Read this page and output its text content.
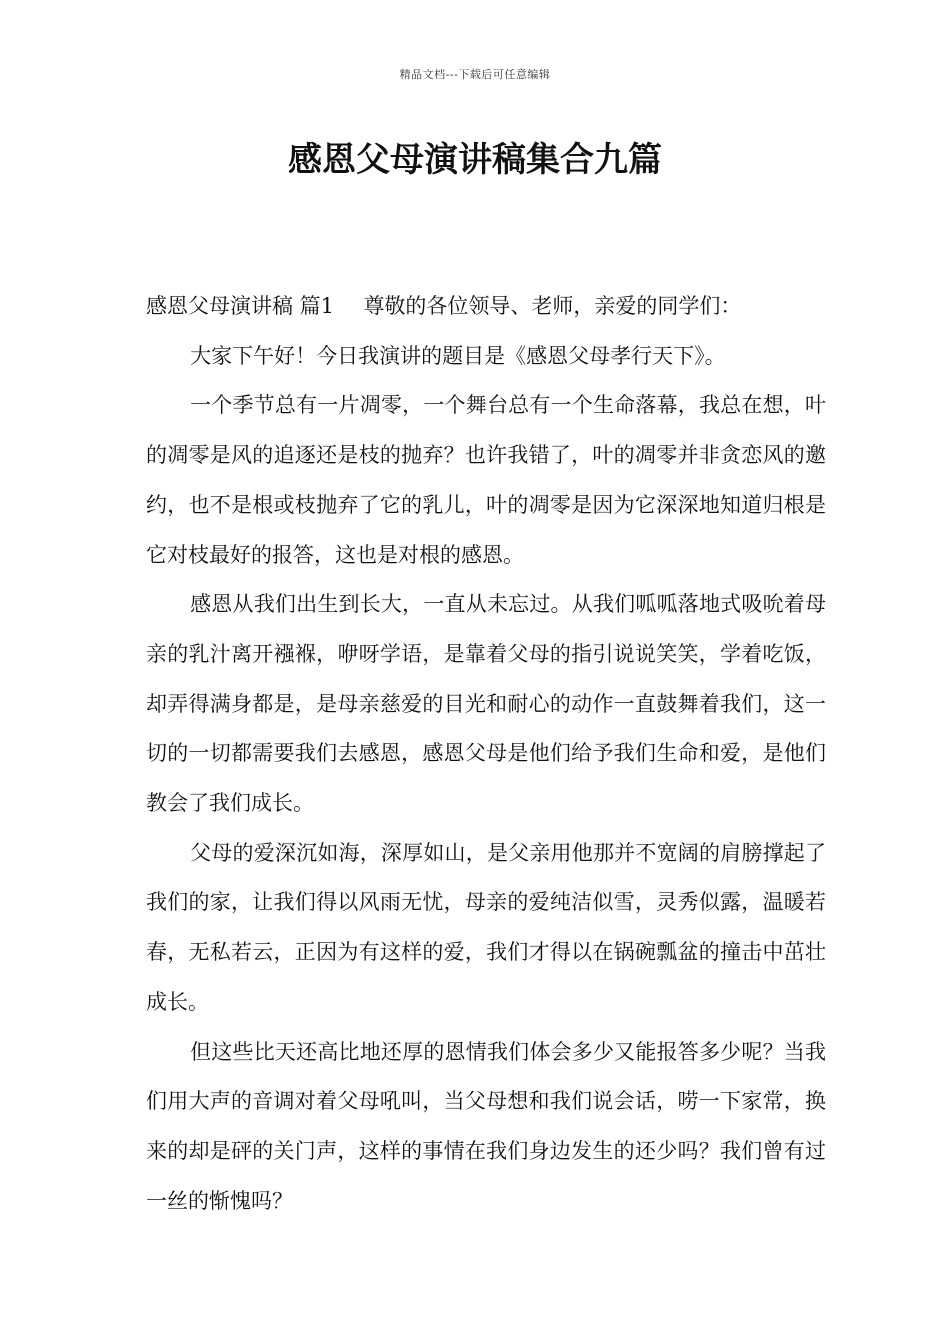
精品文档---下载后可任意编辑
感恩父母演讲稿集合九篇

感恩父母演讲稿 篇1 尊敬的各位领导、老师，亲爱的同学们：

大家下午好！今日我演讲的题目是《感恩父母孝行天下》。

一个季节总有一片凋零，一个舞台总有一个生命落幕，我总在想，叶的凋零是风的追逐还是枝的抛弃？也许我错了，叶的凋零并非贪恋风的邀约，也不是根或枝抛弃了它的乳儿，叶的凋零是因为它深深地知道归根是它对枝最好的报答，这也是对根的感恩。

感恩从我们出生到长大，一直从未忘过。从我们呱呱落地式吸吮着母亲的乳汁离开襁褓，咿呀学语，是靠着父母的指引说说笑笑，学着吃饭，却弄得满身都是，是母亲慈爱的目光和耐心的动作一直鼓舞着我们，这一切的一切都需要我们去感恩，感恩父母是他们给予我们生命和爱，是他们教会了我们成长。

父母的爱深沉如海，深厚如山，是父亲用他那并不宽阔的肩膀撑起了我们的家，让我们得以风雨无忧，母亲的爱纯洁似雪，灵秀似露，温暖若春，无私若云，正因为有这样的爱，我们才得以在锅碗瓢盆的撞击中茁壮成长。

但这些比天还高比地还厚的恩情我们体会多少又能报答多少呢？当我们用大声的音调对着父母吼叫，当父母想和我们说会话，唠一下家常，换来的却是砰的关门声，这样的事情在我们身边发生的还少吗？我们曾有过一丝的惭愧吗？
